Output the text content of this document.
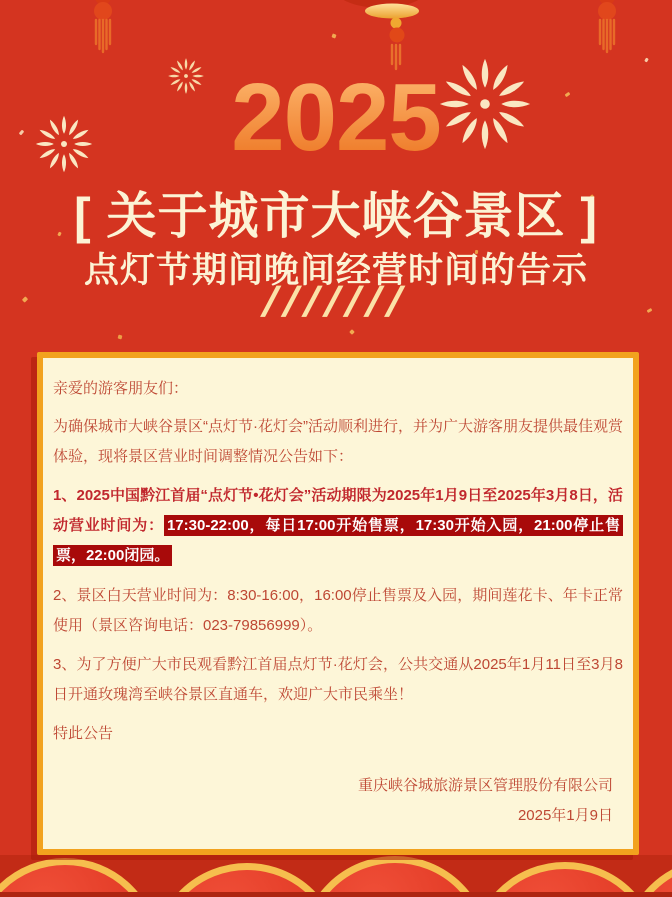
2025
[ 关于城市大峡谷景区 ]
点灯节期间晚间经营时间的告示
///////

亲爱的游客朋友们：

为确保城市大峡谷景区“点灯节·花灯会”活动顺利进行，并为广大游客朋友提供最佳观赏体验，现将景区营业时间调整情况公告如下：

1、2025中国黔江首届“点灯节•花灯会”活动期限为2025年1月9日至2025年3月8日，活动营业时间为： 17:30-22:00，每日17:00开始售票，17:30开始入园，21:00停止售票，22:00闭园。

2、景区白天营业时间为：8:30-16:00，16:00停止售票及入园，期间莲花卡、年卡正常使用（景区咨询电话：023-79856999）。

3、为了方便广大市民观看黔江首届点灯节·花灯会，公共交通从2025年1月11日至3月8日开通玫瑰湾至峡谷景区直通车，欢迎广大市民乘坐！

特此公告

重庆峡谷城旅游景区管理股份有限公司
2025年1月9日
